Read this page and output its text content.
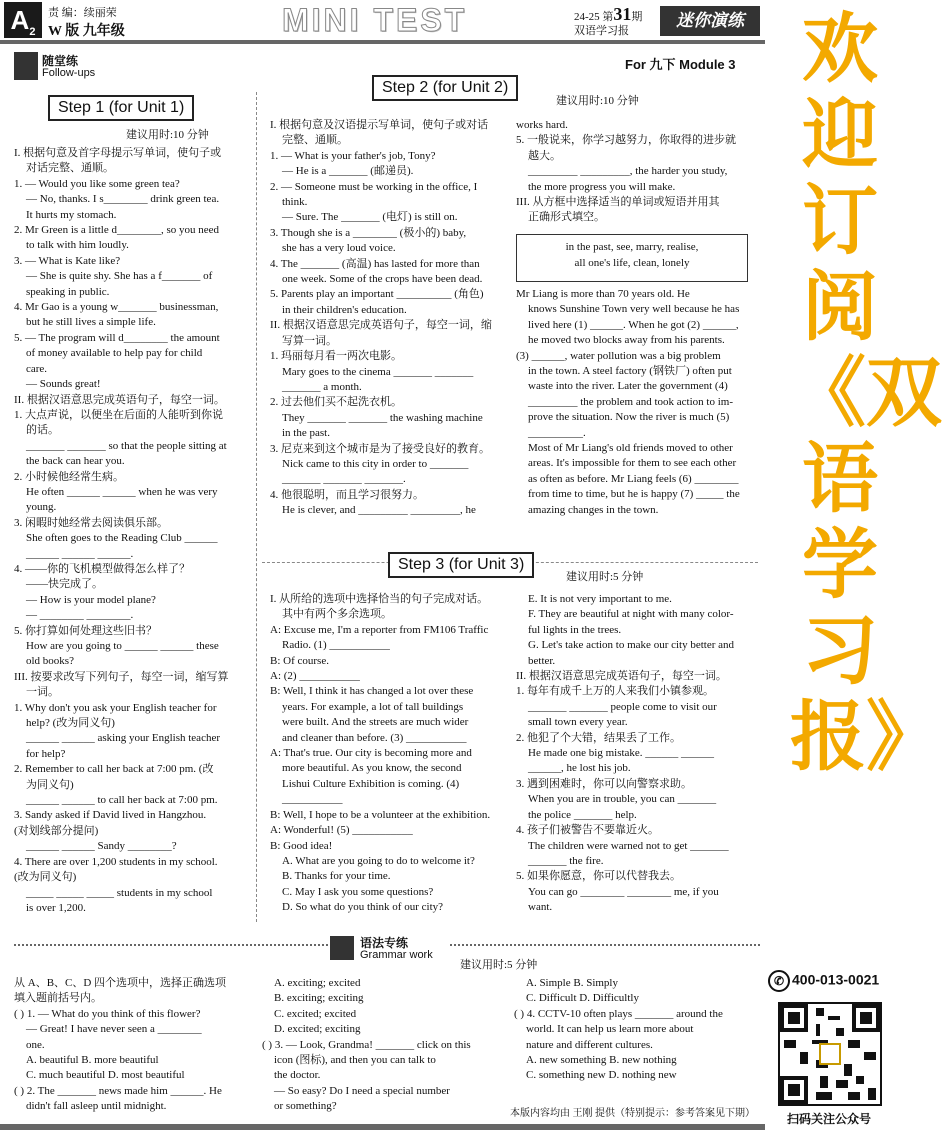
$A_2$
责 编：续丽荣
W 版 九年级	MINI TEST	24-25 第31期
双语学习报
迷你演练 欢迎订阅《双语学习报》
✆ 400-013-0021
扫码关注公众号
随堂练
Follow-ups
For 九下 Module 3
Step 1 (for Unit 1)
建议用时:10 分钟

I. 根据句意及首字母提示写单词，使句子或

对话完整、通顺。

1. — Would you like some green tea?

— No, thanks. I s________ drink green tea.

It hurts my stomach.

2. Mr Green is a little d________, so you need

to talk with him loudly.

3. — What is Kate like?

— She is quite shy. She has a f_______ of

speaking in public.

4. Mr Gao is a young w_______ businessman,

but he still lives a simple life.

5. — The program will d________ the amount

of money available to help pay for child

care.

— Sounds great!

II. 根据汉语意思完成英语句子，每空一词。

1. 大点声说，以便坐在后面的人能听到你说

的话。

_______ _______ so that the people sitting at

the back can hear you.

2. 小时候他经常生病。

He often ______ ______ when he was very

young.

3. 闲暇时她经常去阅读俱乐部。

She often goes to the Reading Club ______

______ ______ ______.

4. ——你的飞机模型做得怎么样了？

——快完成了。

— How is your model plane?

— ________ ________.

5. 你打算如何处理这些旧书？

How are you going to ______ ______ these

old books?

III. 按要求改写下列句子，每空一词，缩写算

一词。

1. Why don't you ask your English teacher for

help? (改为同义句)

______ ______ asking your English teacher

for help?

2. Remember to call her back at 7:00 pm. (改

为同义句)

______ ______ to call her back at 7:00 pm.

3. Sandy asked if David lived in Hangzhou.

(对划线部分提问)

______ ______ Sandy ________?

4. There are over 1,200 students in my school.

(改为同义句)

_____ _____ _____ students in my school

is over 1,200.

Step 2 (for Unit 2)
建议用时:10 分钟

I. 根据句意及汉语提示写单词，使句子或对话

完整、通顺。

1. — What is your father's job, Tony?

— He is a _______ (邮递员).

2. — Someone must be working in the office, I

think.

— Sure. The _______ (电灯) is still on.

3. Though she is a ________ (极小的) baby,

she has a very loud voice.

4. The _______ (高温) has lasted for more than

one week. Some of the crops have been dead.

5. Parents play an important __________ (角色)

in their children's education.

II. 根据汉语意思完成英语句子，每空一词，缩

写算一词。

1. 玛丽每月看一两次电影。

Mary goes to the cinema _______ _______

_______ a month.

2. 过去他们买不起洗衣机。

They _______ _______ the washing machine

in the past.

3. 尼克来到这个城市是为了接受良好的教育。

Nick came to this city in order to _______

_______ _______ _______.

4. 他很聪明，而且学习很努力。

He is clever, and _________ _________, he

works hard.

5. 一般说来，你学习越努力，你取得的进步就

越大。

_________ _________, the harder you study,

the more progress you will make.

III. 从方框中选择适当的单词或短语并用其

正确形式填空。

in the past, see, marry, realise,
all one's life, clean, lonely

Mr Liang is more than 70 years old. He

knows Sunshine Town very well because he has

lived here (1) ______. When he got (2) ______,

he moved two blocks away from his parents.

(3) ______, water pollution was a big problem

in the town. A steel factory (钢铁厂) often put

waste into the river. Later the government (4)

_________ the problem and took action to im-

prove the situation. Now the river is much (5)

__________.

Most of Mr Liang's old friends moved to other

areas. It's impossible for them to see each other

as often as before. Mr Liang feels (6) ________

from time to time, but he is happy (7) _____ the

amazing changes in the town.

Step 3 (for Unit 3)
建议用时:5 分钟

I. 从所给的选项中选择恰当的句子完成对话。

其中有两个多余选项。

A: Excuse me, I'm a reporter from FM106 Traffic

Radio. (1) ___________

B: Of course.

A: (2) ___________

B: Well, I think it has changed a lot over these

years. For example, a lot of tall buildings

were built. And the streets are much wider

and cleaner than before. (3) ___________

A: That's true. Our city is becoming more and

more beautiful. As you know, the second

Lishui Culture Exhibition is coming. (4)

___________

B: Well, I hope to be a volunteer at the exhibition.

A: Wonderful! (5) ___________

B: Good idea!

A. What are you going to do to welcome it?

B. Thanks for your time.

C. May I ask you some questions?

D. So what do you think of our city?

E. It is not very important to me.

F. They are beautiful at night with many color-

ful lights in the trees.

G. Let's take action to make our city better and

better.

II. 根据汉语意思完成英语句子，每空一词。

1. 每年有成千上万的人来我们小镇参观。

_______ _______ people come to visit our

small town every year.

2. 他犯了个大错，结果丢了工作。

He made one big mistake. ______ ______

______, he lost his job.

3. 遇到困难时，你可以向警察求助。

When you are in trouble, you can _______

the police _______ help.

4. 孩子们被警告不要靠近火。

The children were warned not to get _______

_______ the fire.

5. 如果你愿意，你可以代替我去。

You can go ________ ________ me, if you

want.

语法专练
Grammar work
建议用时:5 分钟

从 A、B、C、D 四个选项中，选择正确选项

填入题前括号内。

( ) 1. — What do you think of this flower?

— Great! I have never seen a ________

one.

A. beautiful B. more beautiful

C. much beautiful D. most beautiful

( ) 2. The _______ news made him ______. He

didn't fall asleep until midnight.

A. exciting; excited

B. exciting; exciting

C. excited; excited

D. excited; exciting

( ) 3. — Look, Grandma! _______ click on this

icon (图标), and then you can talk to

the doctor.

— So easy? Do I need a special number

or something?

A. Simple B. Simply

C. Difficult D. Difficultly

( ) 4. CCTV-10 often plays _______ around the

world. It can help us learn more about

nature and different cultures.

A. new something B. new nothing

C. something new D. nothing new

本版内容均由 王刚 提供（特别提示：参考答案见下期）
